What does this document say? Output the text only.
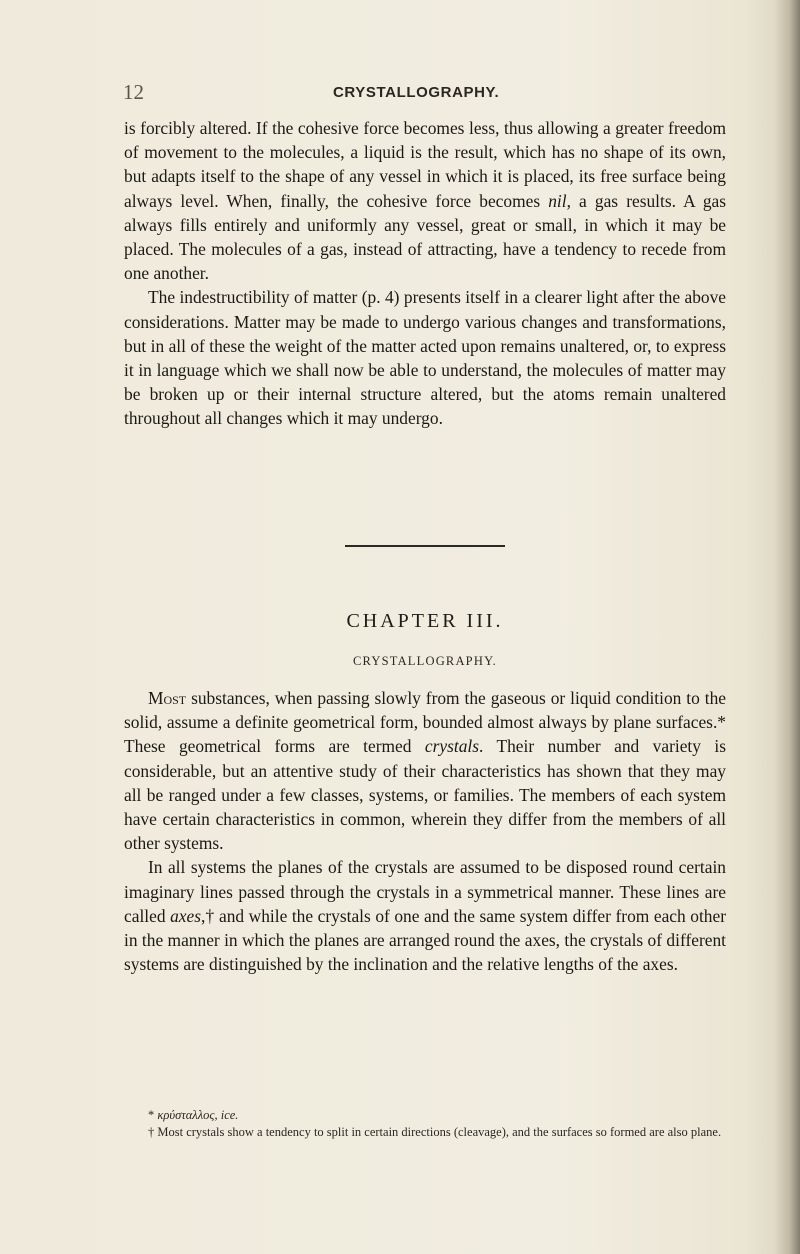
12	CRYSTALLOGRAPHY.

is forcibly altered. If the cohesive force becomes less, thus allowing a greater freedom of movement to the molecules, a liquid is the result, which has no shape of its own, but adapts itself to the shape of any vessel in which it is placed, its free surface being always level. When, finally, the cohesive force becomes nil, a gas results. A gas always fills entirely and uniformly any vessel, great or small, in which it may be placed. The molecules of a gas, instead of attracting, have a tendency to recede from one another.

The indestructibility of matter (p. 4) presents itself in a clearer light after the above considerations. Matter may be made to undergo various changes and transformations, but in all of these the weight of the matter acted upon remains unaltered, or, to express it in language which we shall now be able to understand, the molecules of matter may be broken up or their internal structure altered, but the atoms remain unaltered throughout all changes which it may undergo.

CHAPTER III.
CRYSTALLOGRAPHY.

Most substances, when passing slowly from the gaseous or liquid condition to the solid, assume a definite geometrical form, bounded almost always by plane surfaces.* These geometrical forms are termed crystals. Their number and variety is considerable, but an attentive study of their characteristics has shown that they may all be ranged under a few classes, systems, or families. The members of each system have certain characteristics in common, wherein they differ from the members of all other systems.

In all systems the planes of the crystals are assumed to be disposed round certain imaginary lines passed through the crystals in a symmetrical manner. These lines are called axes,† and while the crystals of one and the same system differ from each other in the manner in which the planes are arranged round the axes, the crystals of different systems are distinguished by the inclination and the relative lengths of the axes.

* κρύσταλλος, ice.

† Most crystals show a tendency to split in certain directions (cleavage), and the surfaces so formed are also plane.
